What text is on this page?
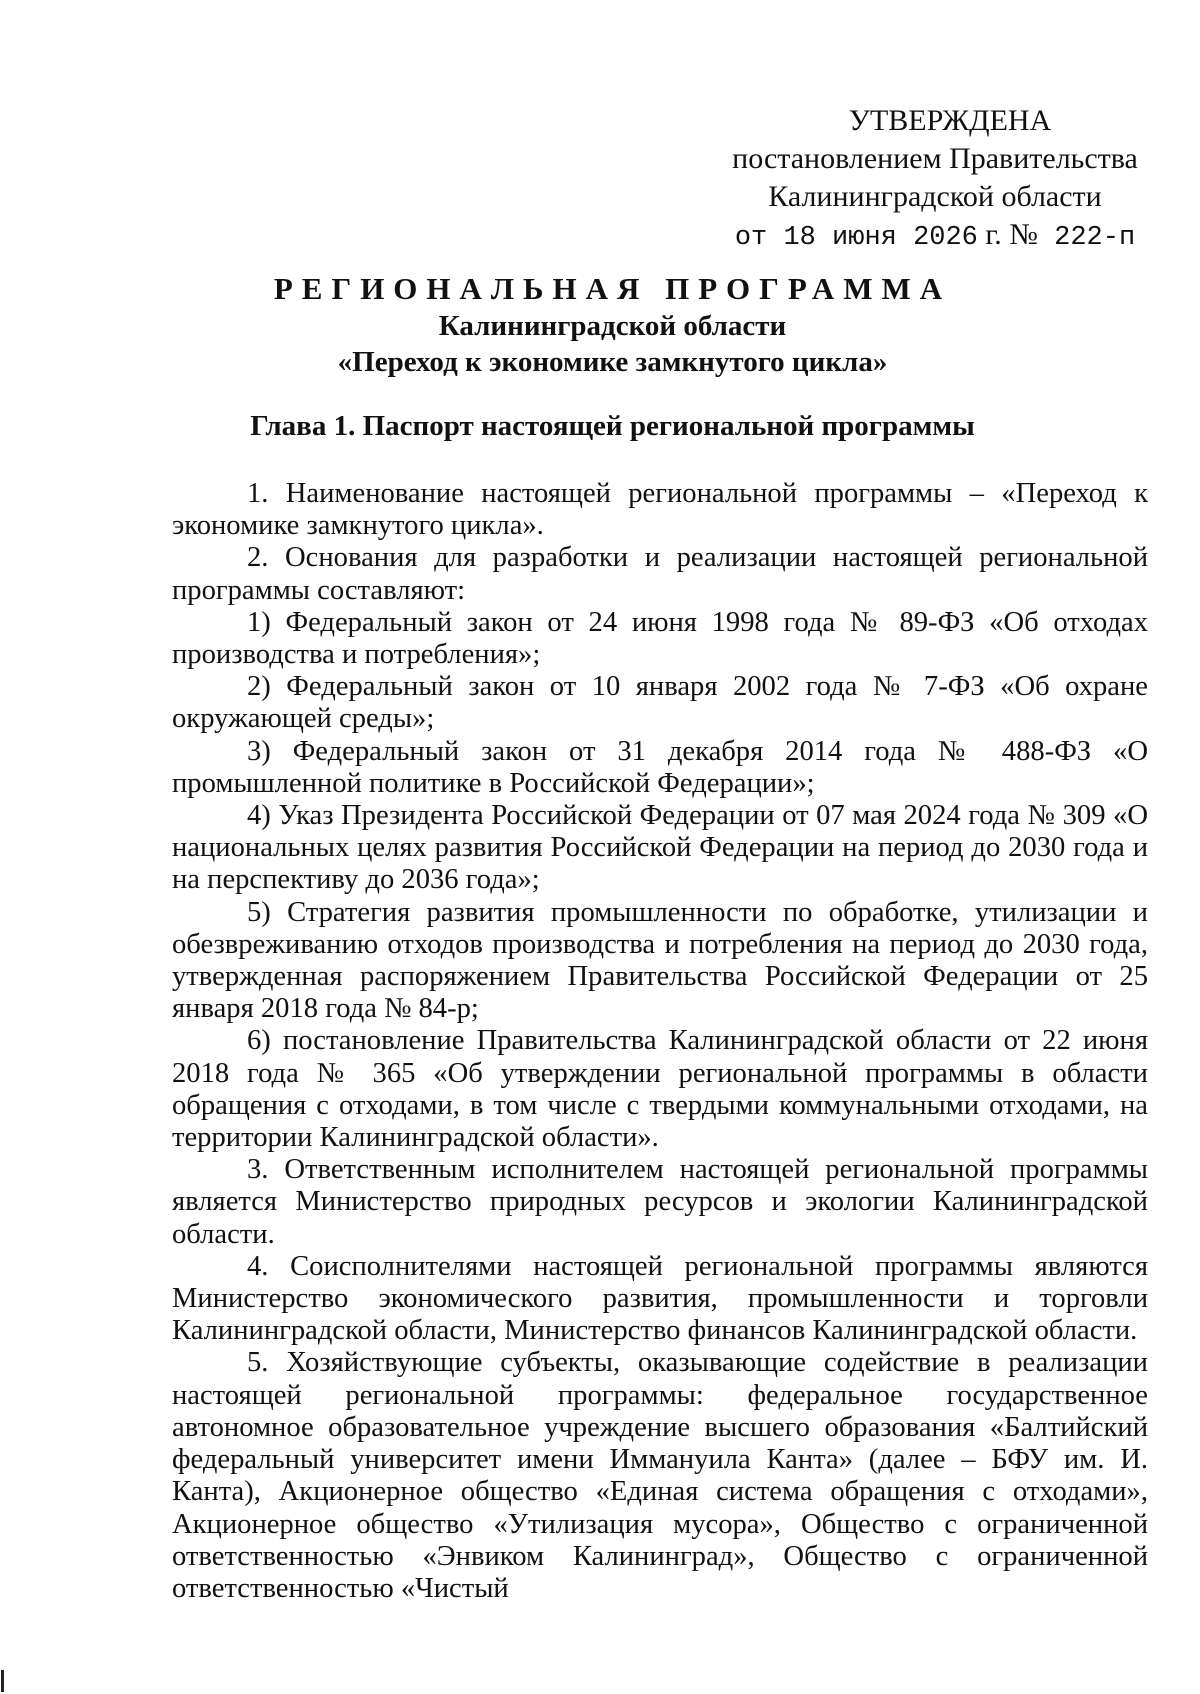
УТВЕРЖДЕНА
постановлением Правительства
Калининградской области
от 18 июня 2026 г. № 222-п
РЕГИОНАЛЬНАЯ ПРОГРАММА
Калининградской области
«Переход к экономике замкнутого цикла»
Глава 1. Паспорт настоящей региональной программы

1. Наименование настоящей региональной программы – «Переход к экономике замкнутого цикла».

2. Основания для разработки и реализации настоящей региональной программы составляют:

1) Федеральный закон от 24 июня 1998 года № 89-ФЗ «Об отходах производства и потребления»;

2) Федеральный закон от 10 января 2002 года № 7-ФЗ «Об охране окружающей среды»;

3) Федеральный закон от 31 декабря 2014 года № 488-ФЗ «О промышленной политике в Российской Федерации»;

4) Указ Президента Российской Федерации от 07 мая 2024 года № 309 «О национальных целях развития Российской Федерации на период до 2030 года и на перспективу до 2036 года»;

5) Стратегия развития промышленности по обработке, утилизации и обезвреживанию отходов производства и потребления на период до 2030 года, утвержденная распоряжением Правительства Российской Федерации от 25 января 2018 года № 84-р;

6) постановление Правительства Калининградской области от 22 июня 2018 года № 365 «Об утверждении региональной программы в области обращения с отходами, в том числе с твердыми коммунальными отходами, на территории Калининградской области».

3. Ответственным исполнителем настоящей региональной программы является Министерство природных ресурсов и экологии Калининградской области.

4. Соисполнителями настоящей региональной программы являются Министерство экономического развития, промышленности и торговли Калининградской области, Министерство финансов Калининградской области.

5. Хозяйствующие субъекты, оказывающие содействие в реализации настоящей региональной программы: федеральное государственное автономное образовательное учреждение высшего образования «Балтийский федеральный университет имени Иммануила Канта» (далее – БФУ им. И. Канта), Акционерное общество «Единая система обращения с отходами», Акционерное общество «Утилизация мусора», Общество с ограниченной ответственностью «Энвиком Калининград», Общество с ограниченной ответственностью «Чистый
